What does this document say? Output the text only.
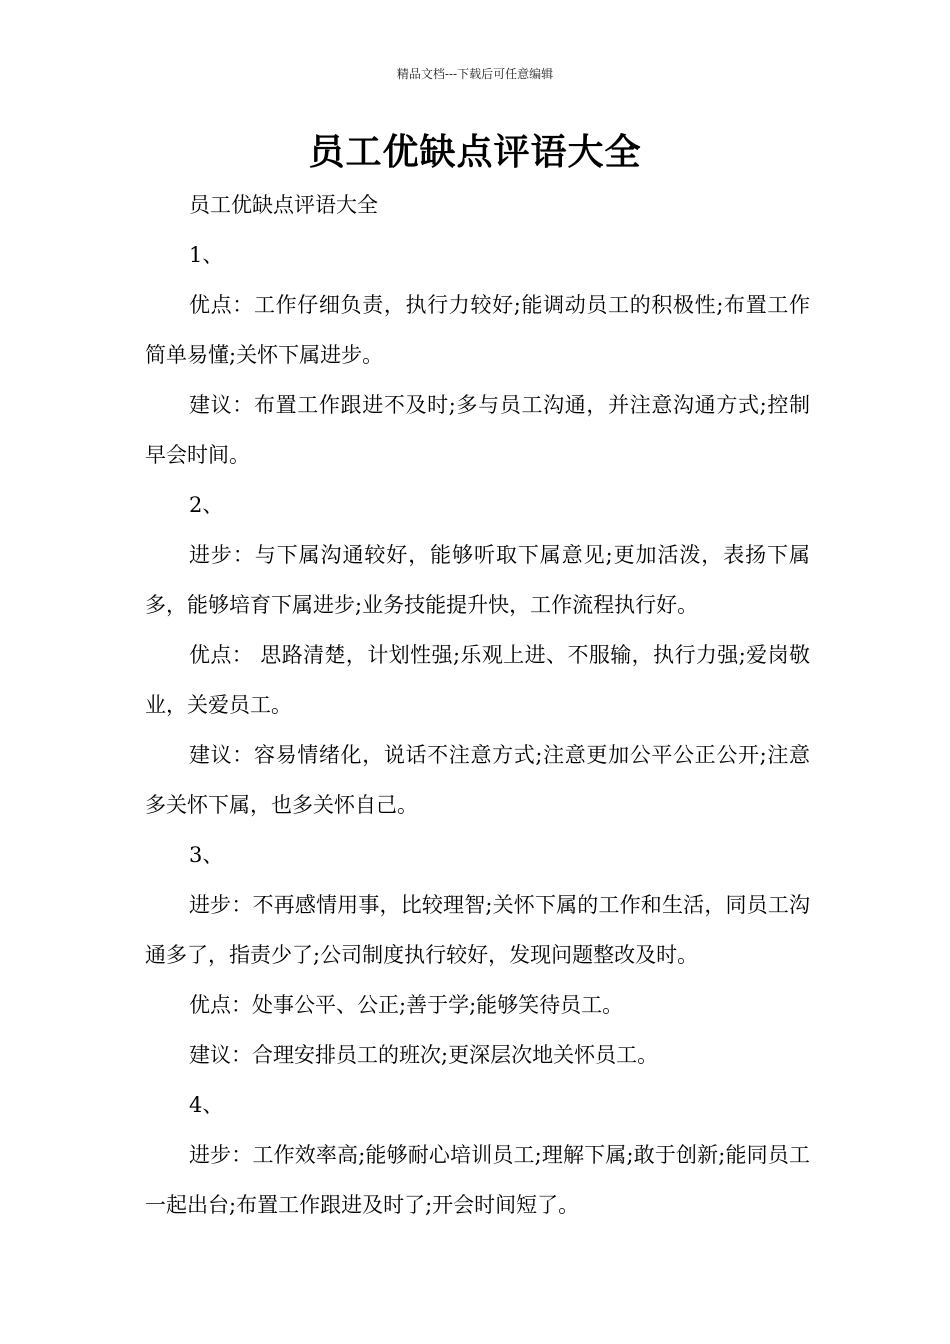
精品文档---下载后可任意编辑
员工优缺点评语大全

员工优缺点评语大全

1、

优点：工作仔细负责，执行力较好;能调动员工的积极性;布置工作简单易懂;关怀下属进步。

建议：布置工作跟进不及时;多与员工沟通，并注意沟通方式;控制早会时间。

2、

进步：与下属沟通较好，能够听取下属意见;更加活泼，表扬下属多，能够培育下属进步;业务技能提升快，工作流程执行好。

优点： 思路清楚，计划性强;乐观上进、不服输，执行力强;爱岗敬业，关爱员工。

建议：容易情绪化，说话不注意方式;注意更加公平公正公开;注意多关怀下属，也多关怀自己。

3、

进步：不再感情用事，比较理智;关怀下属的工作和生活，同员工沟通多了，指责少了;公司制度执行较好，发现问题整改及时。

优点：处事公平、公正;善于学;能够笑待员工。

建议：合理安排员工的班次;更深层次地关怀员工。

4、

进步：工作效率高;能够耐心培训员工;理解下属;敢于创新;能同员工一起出台;布置工作跟进及时了;开会时间短了。
